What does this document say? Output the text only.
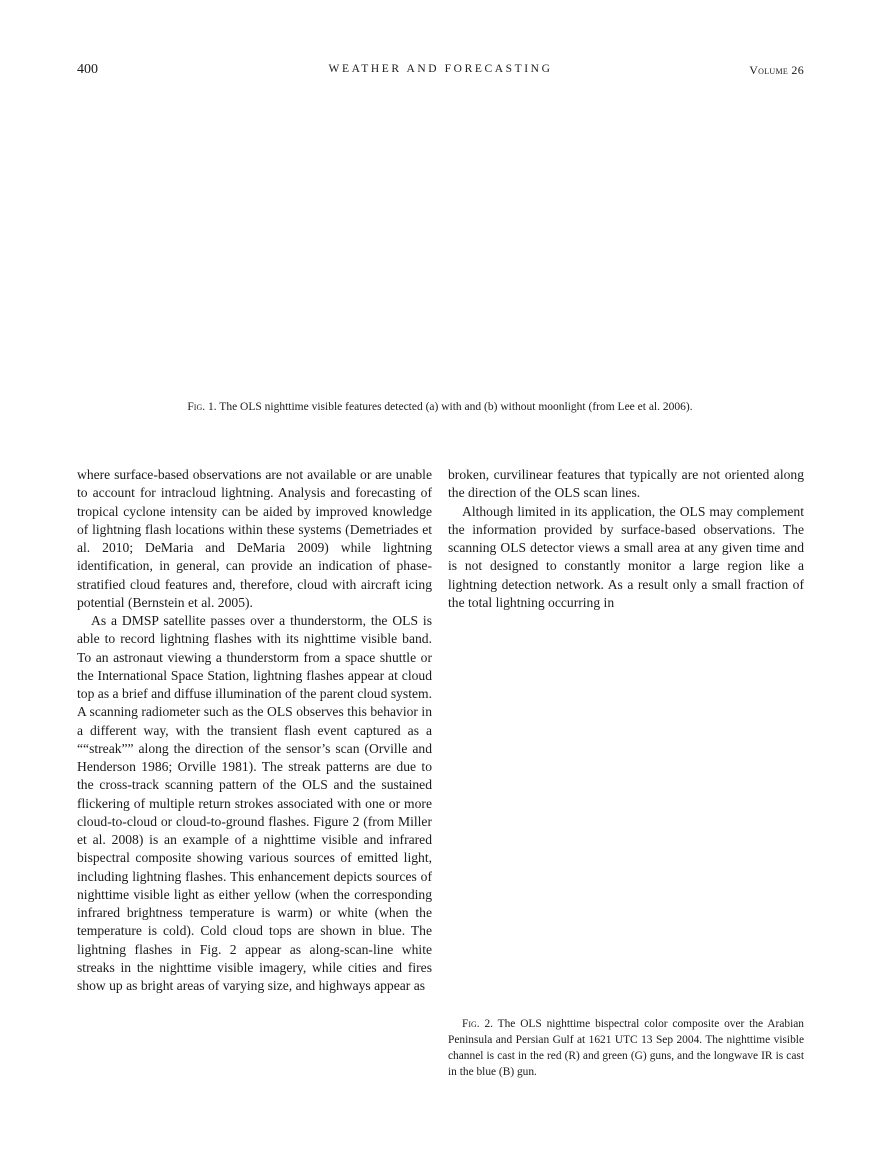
400	WEATHER AND FORECASTING	Volume 26
Fig. 1. The OLS nighttime visible features detected (a) with and (b) without moonlight (from Lee et al. 2006).

where surface-based observations are not available or are unable to account for intracloud lightning. Analysis and forecasting of tropical cyclone intensity can be aided by improved knowledge of lightning flash locations within these systems (Demetriades et al. 2010; DeMaria and DeMaria 2009) while lightning identification, in general, can provide an indication of phase-stratified cloud features and, therefore, cloud with aircraft icing potential (Bernstein et al. 2005).

As a DMSP satellite passes over a thunderstorm, the OLS is able to record lightning flashes with its nighttime visible band. To an astronaut viewing a thunderstorm from a space shuttle or the International Space Station, lightning flashes appear at cloud top as a brief and diffuse illumination of the parent cloud system. A scanning radiometer such as the OLS observes this behavior in a different way, with the transient flash event captured as a ““streak”” along the direction of the sensor’s scan (Orville and Henderson 1986; Orville 1981). The streak patterns are due to the cross-track scanning pattern of the OLS and the sustained flickering of multiple return strokes associated with one or more cloud-to-cloud or cloud-to-ground flashes. Figure 2 (from Miller et al. 2008) is an example of a nighttime visible and infrared bispectral composite showing various sources of emitted light, including lightning flashes. This enhancement depicts sources of nighttime visible light as either yellow (when the corresponding infrared brightness temperature is warm) or white (when the temperature is cold). Cold cloud tops are shown in blue. The lightning flashes in Fig. 2 appear as along-scan-line white streaks in the nighttime visible imagery, while cities and fires show up as bright areas of varying size, and highways appear as

broken, curvilinear features that typically are not oriented along the direction of the OLS scan lines.

Although limited in its application, the OLS may complement the information provided by surface-based observations. The scanning OLS detector views a small area at any given time and is not designed to constantly monitor a large region like a lightning detection network. As a result only a small fraction of the total lightning occurring in

Fig. 2. The OLS nighttime bispectral color composite over the Arabian Peninsula and Persian Gulf at 1621 UTC 13 Sep 2004. The nighttime visible channel is cast in the red (R) and green (G) guns, and the longwave IR is cast in the blue (B) gun.
